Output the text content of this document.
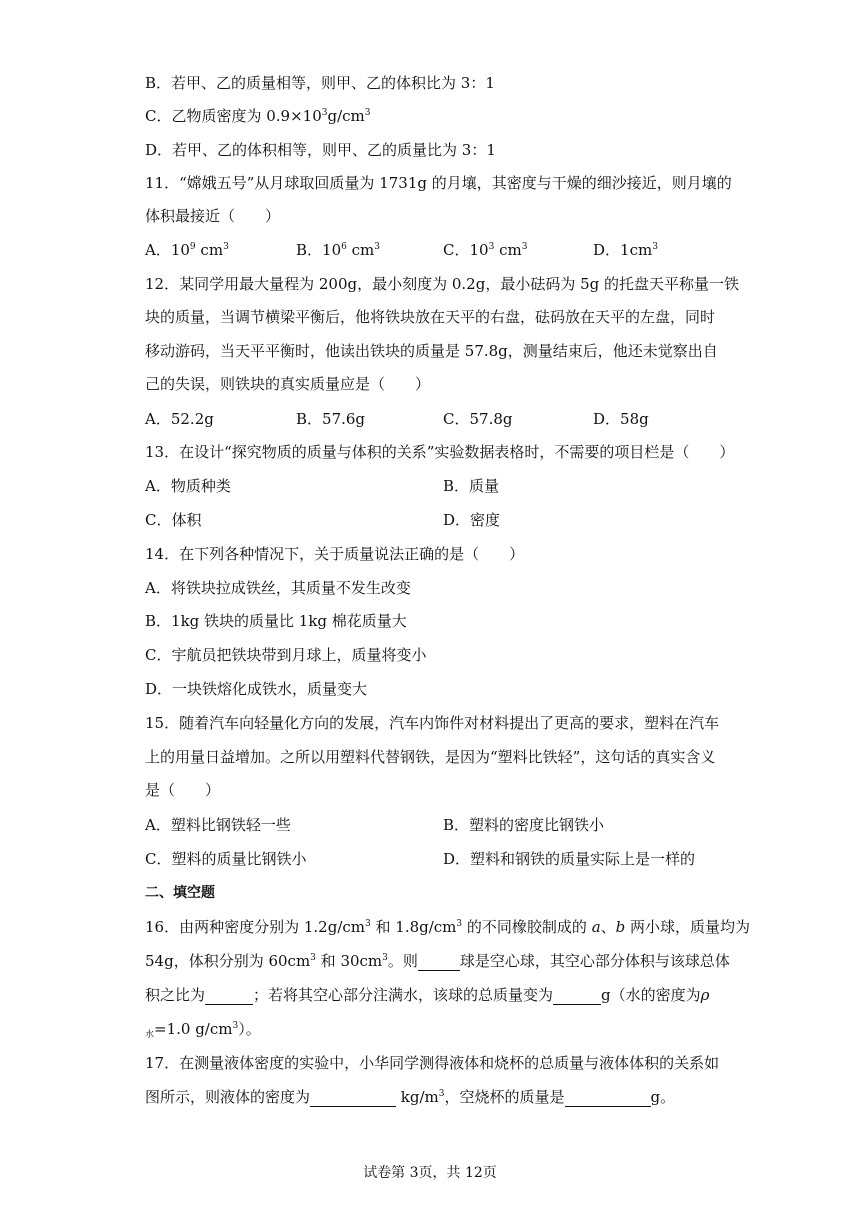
B．若甲、乙的质量相等，则甲、乙的体积比为 3：1
C．乙物质密度为 $0.9\times 10^3g/cm^3$
D．若甲、乙的体积相等，则甲、乙的质量比为 3：1
11．“嫦娥五号”从月球取回质量为 1731g 的月壤，其密度与干燥的细沙接近，则月壤的
体积最接近（　　）
A．$10^9$ $cm^3$	B．$10^6$ $cm^3$	C．$10^3$ $cm^3$	D．$1cm^3$
12．某同学用最大量程为 200g，最小刻度为 0.2g，最小砝码为 5g 的托盘天平称量一铁
块的质量，当调节横梁平衡后，他将铁块放在天平的右盘，砝码放在天平的左盘，同时
移动游码，当天平平衡时，他读出铁块的质量是 57.8g，测量结束后，他还未觉察出自
己的失误，则铁块的真实质量应是（　　）
A．52.2g	B．57.6g	C．57.8g	D．58g
13．在设计“探究物质的质量与体积的关系”实验数据表格时，不需要的项目栏是（　　）
A．物质种类	B．质量
C．体积	D．密度
14．在下列各种情况下，关于质量说法正确的是（　　）
A．将铁块拉成铁丝，其质量不发生改变
B．1kg 铁块的质量比 1kg 棉花质量大
C．宇航员把铁块带到月球上，质量将变小
D．一块铁熔化成铁水，质量变大
15．随着汽车向轻量化方向的发展，汽车内饰件对材料提出了更高的要求，塑料在汽车
上的用量日益增加。之所以用塑料代替钢铁，是因为“塑料比铁轻”，这句话的真实含义
是（　　）
A．塑料比钢铁轻一些	B．塑料的密度比钢铁小
C．塑料的质量比钢铁小	D．塑料和钢铁的质量实际上是一样的
二、填空题
16．由两种密度分别为 $1.2g/cm^3$ 和 $1.8g/cm^3$ 的不同橡胶制成的 a、b 两小球，质量均为
54g，体积分别为 $60cm^3$ 和 $30cm^3$。则	球是空心球，其空心部分体积与该球总体
积之比为	；若将其空心部分注满水，该球的总质量变为	g（水的密度为ρ
$_水$=1.0 $g/cm^3$）。
17．在测量液体密度的实验中，小华同学测得液体和烧杯的总质量与液体体积的关系如
图所示，则液体的密度为	$kg/m^3$，空烧杯的质量是	g。
试卷第 3页，共 12页
